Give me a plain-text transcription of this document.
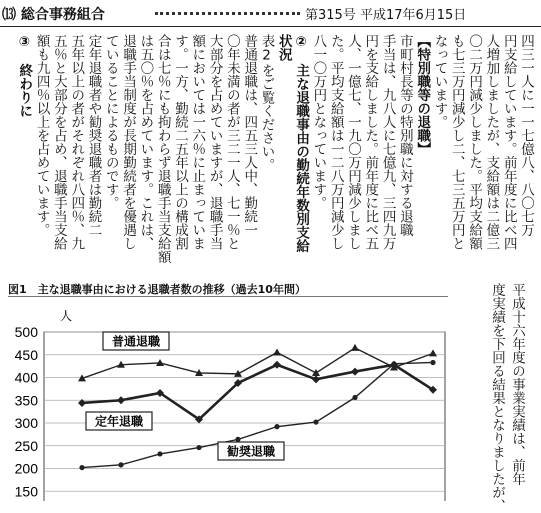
⒀ 総合事務組合	第315号 平成17年6月15日
四三一人に一一七億八、八〇七万
円支給しています。前年度に比べ四
人増加しましたが、支給額は二億三
〇二万円減少しました。平均支給額
も七三万円減少し二、七三五万円と
なっています。
【特別職等の退職】
市町村長等の特別職に対する退職
手当は、九八人に七億九、三四九万
円を支給しました。前年度に比べ五
人、一億七、一九〇万円減少しまし
た。平均支給額は一二八万円減少し
八一〇万円となっています。
②　主な退職事由の勤続年数別支給
状況
表2をご覧ください。
普通退職は、四五三人中、勤続一
〇年未満の者が三二一人、七一％と
大部分を占めていますが、退職手当
額においては一六％に止まっていま
す。一方、勤続二五年以上の構成割
合は七％にも拘わらず退職手当支給額
は五〇％を占めています。これは、
退職手当制度が長期勤続者を優遇し
ていることによるものです。
定年退職者や勧奨退職者は勤続二
五年以上の者がそれぞれ八四％、九
五％と大部分を占め、退職手当支給
額も九四％以上を占めています。
③　終わりに
図1　主な退職事由における退職者数の推移（過去10年間）
500
450
400
350
300
250
200
150
人
普通退職
定年退職
勧奨退職	平成十六年度の事業実績は、前年
度実績を下回る結果となりましたが、
